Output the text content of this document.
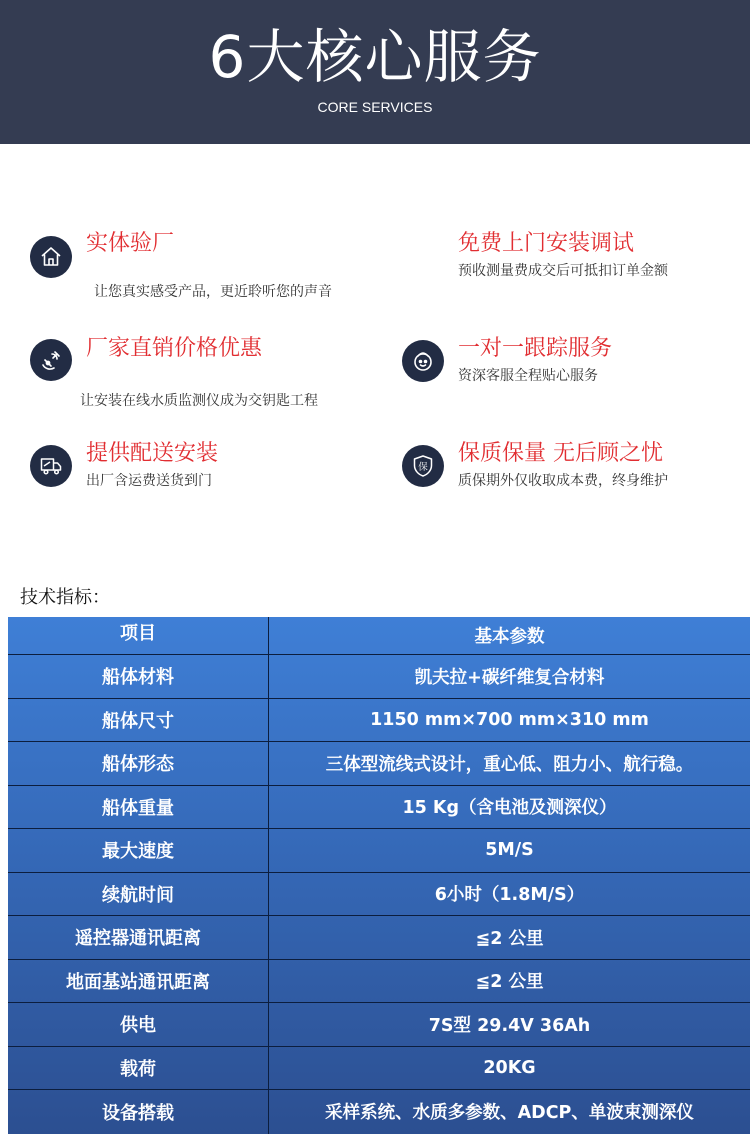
6大核心服务
CORE SERVICES
实体验厂
让您真实感受产品，更近聆听您的声音
免费上门安装调试
预收测量费成交后可抵扣订单金额
厂家直销价格优惠
让安装在线水质监测仪成为交钥匙工程
一对一跟踪服务
资深客服全程贴心服务
提供配送安装
出厂含运费送货到门
保
保质保量 无后顾之忧
质保期外仅收取成本费，终身维护
技术指标：
项目	基本参数
船体材料	凯夫拉+碳纤维复合材料
船体尺寸	1150 mm×700 mm×310 mm
船体形态	三体型流线式设计，重心低、阻力小、航行稳。
船体重量	15 Kg（含电池及测深仪）
最大速度	5M/S
续航时间	6小时（1.8M/S）
遥控器通讯距离	≦2 公里
地面基站通讯距离	≦2 公里
供电	7S型 29.4V 36Ah
载荷	20KG
设备搭载	采样系统、水质多参数、ADCP、单波束测深仪
